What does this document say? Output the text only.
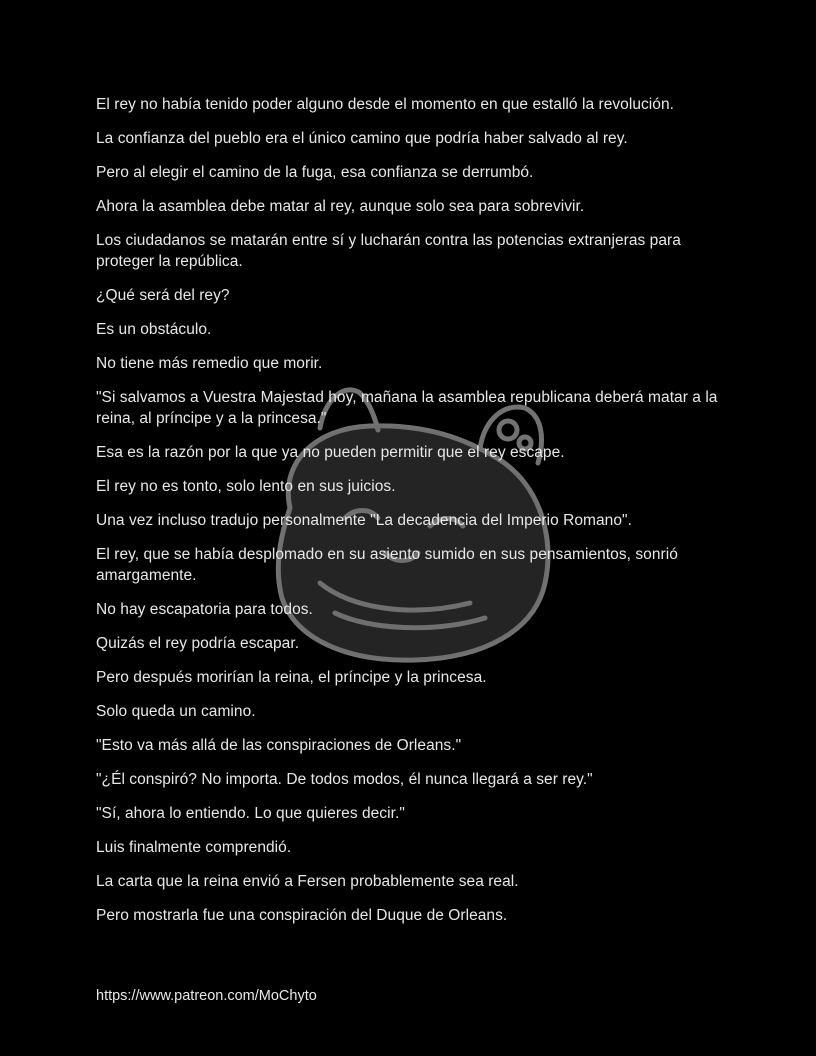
El rey no había tenido poder alguno desde el momento en que estalló la revolución.

La confianza del pueblo era el único camino que podría haber salvado al rey.

Pero al elegir el camino de la fuga, esa confianza se derrumbó.

Ahora la asamblea debe matar al rey, aunque solo sea para sobrevivir.

Los ciudadanos se matarán entre sí y lucharán contra las potencias extranjeras para proteger la república.

¿Qué será del rey?

Es un obstáculo.

No tiene más remedio que morir.

"Si salvamos a Vuestra Majestad hoy, mañana la asamblea republicana deberá matar a la reina, al príncipe y a la princesa."

Esa es la razón por la que ya no pueden permitir que el rey escape.

El rey no es tonto, solo lento en sus juicios.

Una vez incluso tradujo personalmente "La decadencia del Imperio Romano".

El rey, que se había desplomado en su asiento sumido en sus pensamientos, sonrió amargamente.

No hay escapatoria para todos.

Quizás el rey podría escapar.

Pero después morirían la reina, el príncipe y la princesa.

Solo queda un camino.

"Esto va más allá de las conspiraciones de Orleans."

"¿Él conspiró? No importa. De todos modos, él nunca llegará a ser rey."

"Sí, ahora lo entiendo. Lo que quieres decir."

Luis finalmente comprendió.

La carta que la reina envió a Fersen probablemente sea real.

Pero mostrarla fue una conspiración del Duque de Orleans.

https://www.patreon.com/MoChyto
